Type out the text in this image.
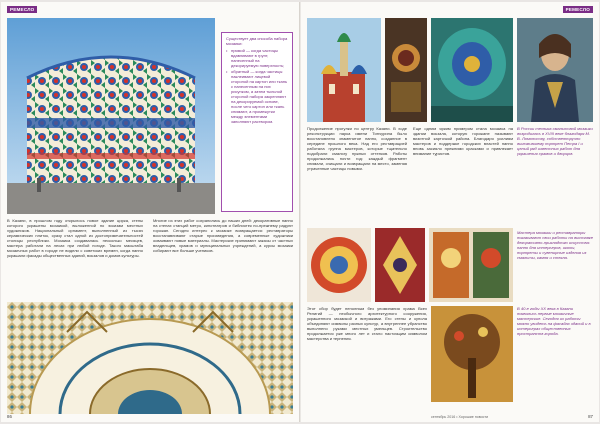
РЕМЕСЛО

Существует два способа набора мозаики:

• прямой — когда частицы вдавливают в грунт, нанесенный на декорируемую поверхность;
• обратный — когда частицы наклеивают лицевой стороной на картон или ткань с нанесенным на них рисунком, а затем тыльной стороной набора закрепляют на декорируемой основе, после чего картон или ткань снимают, а промежутки между элементами заполняют раствором.
В Казани, в прошлом году открылось новое здание цирка, стены которого украшены мозаикой, выложенной по эскизам местных художников. Национальный орнамент, выполненный из тысяч керамических плиток, сразу стал одной из достопримечательностей столицы республики. Мозаика создавалась несколько месяцев, мастера работали на лесах при любой погоде. Такого масштаба мозаичных работ в городе не видели с советских времен, когда панно украшали фасады общественных зданий, вокзалов и домов культуры.
Многие из этих работ сохранились до наших дней: декоративные панно на стенах станций метро, кинотеатров и библиотек по-прежнему радуют горожан. Сегодня интерес к мозаике возвращается: реставраторы восстанавливают старые произведения, а современные художники осваивают новые материалы. Мастерские принимают заказы от частных владельцев, храмов и муниципальных учреждений, а курсы мозаики собирают все больше учеников.
86
РЕМЕСЛО
В России техника смальтовой мозаики возродилась в XVIII веке благодаря М. В. Ломоносову, собственноручно выложившему портрет Петра I и целый ряд известных работ для украшения храмов и дворцов.
Продолжение прогулки по центру Казани. В ходе реконструкции парка имени Тинчурина было восстановлено знаменитое панно, созданное в середине прошлого века. Над его реставрацией работала группа мастеров, которые тщательно подобрали смальту нужных оттенков. Работы продолжались почти год: каждый фрагмент снимали, очищали и возвращали на место, заменяя утраченные частицы новыми.
Еще одним ярким примером стала мозаика на здании вокзала, которую горожане называют визитной карточкой района. Благодаря усилиям мастеров и поддержке городских властей панно вновь засияло прежними красками и привлекает внимание туристов.
Мастера мозаики и реставраторы показывают свои работы на выставке декоративно-прикладного искусства: панно для интерьеров, иконы, портреты и сувенирные изделия из смальты, камня и стекла.
Этот сбор будет неполным без упоминания храма Всех Религий — необычного архитектурного сооружения, украшенного мозаикой и витражами. Его стены и купола объединяют символы разных культур, а внутреннее убранство выполнено руками местных умельцев. Строительство продолжается уже много лет и стало настоящим символом мастерства и терпения.
В 40-е годы XX века в Казани появились первые мозаичные мастерские. Сегодня их работы можно увидеть на фасадах зданий и в интерьерах общественных пространств города.
сентябрь 2016 • Хорошие новости	87
